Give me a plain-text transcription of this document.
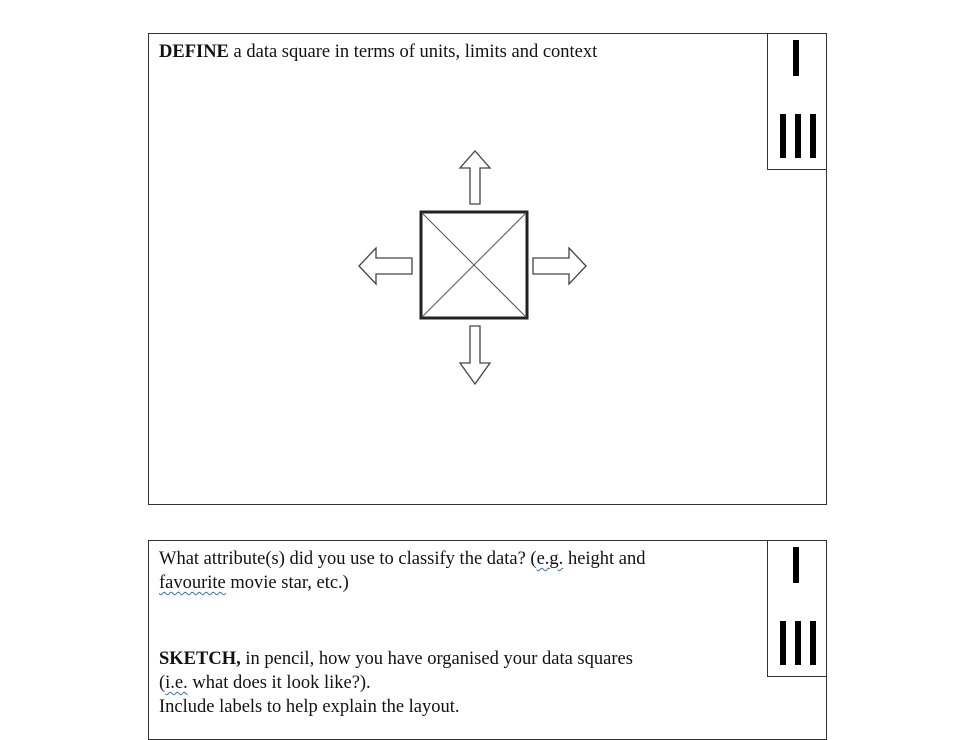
DEFINE a data square in terms of units, limits and context
What attribute(s) did you use to classify the data? (e.g. height and
favourite movie star, etc.)
SKETCH, in pencil, how you have organised your data squares
(i.e. what does it look like?).
Include labels to help explain the layout.
